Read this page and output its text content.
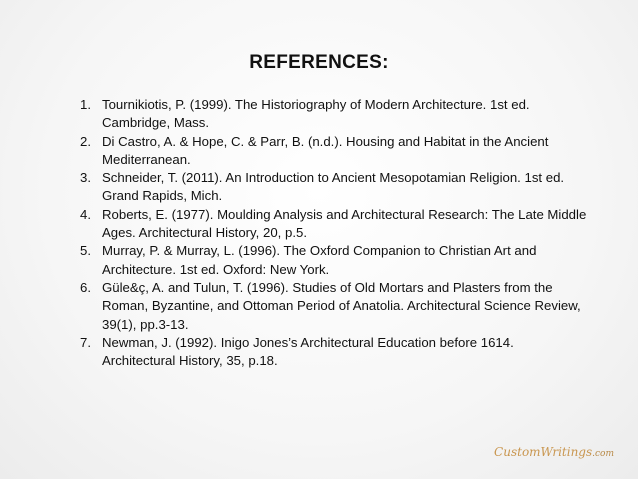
REFERENCES:
1. Tournikiotis, P. (1999). The Historiography of Modern Architecture. 1st ed. Cambridge, Mass.
2. Di Castro, A. & Hope, C. & Parr, B. (n.d.). Housing and Habitat in the Ancient Mediterranean.
3. Schneider, T. (2011). An Introduction to Ancient Mesopotamian Religion. 1st ed. Grand Rapids, Mich.
4. Roberts, E. (1977). Moulding Analysis and Architectural Research: The Late Middle Ages. Architectural History, 20, p.5.
5. Murray, P. & Murray, L. (1996). The Oxford Companion to Christian Art and Architecture. 1st ed. Oxford: New York.
6. Güle&ç, A. and Tulun, T. (1996). Studies of Old Mortars and Plasters from the Roman, Byzantine, and Ottoman Period of Anatolia. Architectural Science Review, 39(1), pp.3-13.
7. Newman, J. (1992). Inigo Jones’s Architectural Education before 1614. Architectural History, 35, p.18.
CustomWritings.com
